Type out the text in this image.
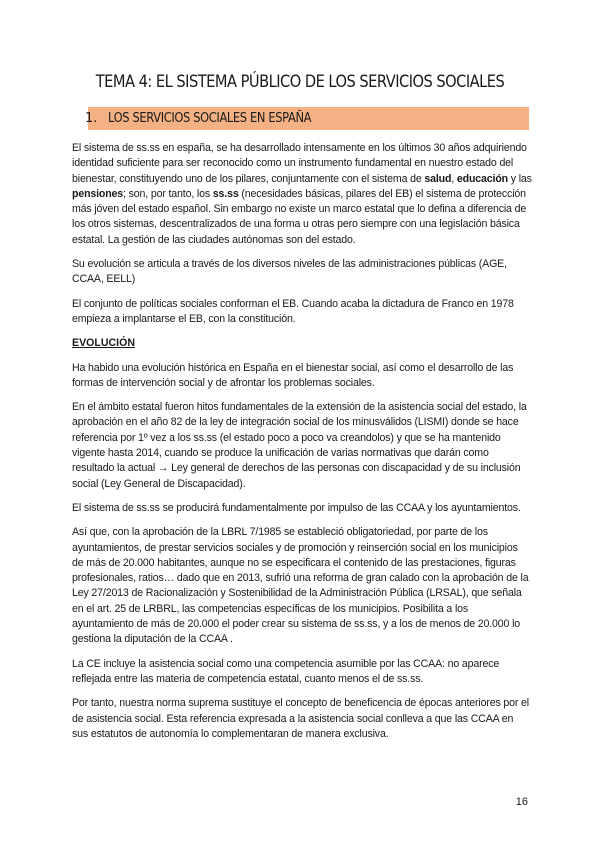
TEMA 4: EL SISTEMA PÚBLICO DE LOS SERVICIOS SOCIALES
1. LOS SERVICIOS SOCIALES EN ESPAÑA

El sistema de ss.ss en españa, se ha desarrollado intensamente en los últimos 30 años adquiriendo identidad suficiente para ser reconocido como un instrumento fundamental en nuestro estado del bienestar, constituyendo uno de los pilares, conjuntamente con el sistema de salud, educación y las pensiones; son, por tanto, los ss.ss (necesidades básicas, pilares del EB) el sistema de protección más jóven del estado español. Sin embargo no existe un marco estatal que lo defina a diferencia de los otros sistemas, descentralizados de una forma u otras pero siempre con una legislación básica estatal. La gestión de las ciudades autónomas son del estado.

Su evolución se articula a través de los diversos niveles de las administraciones públicas (AGE, CCAA, EELL)

El conjunto de políticas sociales conforman el EB. Cuando acaba la dictadura de Franco en 1978 empieza a implantarse el EB, con la constitución.

EVOLUCIÓN

Ha habido una evolución histórica en España en el bienestar social, así como el desarrollo de las formas de intervención social y de afrontar los problemas sociales.

En el ámbito estatal fueron hitos fundamentales de la extensión de la asistencia social del estado, la aprobación en el año 82 de la ley de integración social de los minusválidos (LISMI) donde se hace referencia por 1º vez a los ss.ss (el estado poco a poco va creandolos) y que se ha mantenido vigente hasta 2014, cuando se produce la unificación de varias normativas que darán como resultado la actual → Ley general de derechos de las personas con discapacidad y de su inclusión social (Ley General de Discapacidad).

El sistema de ss.ss se producirá fundamentalmente por impulso de las CCAA y los ayuntamientos.

Así que, con la aprobación de la LBRL 7/1985 se estableció obligatoriedad, por parte de los ayuntamientos, de prestar servicios sociales y de promoción y reinserción social en los municipios de más de 20.000 habitantes, aunque no se especificara el contenido de las prestaciones, figuras profesionales, ratios… dado que en 2013, sufrió una reforma de gran calado con la aprobación de la Ley 27/2013 de Racionalización y Sostenibilidad de la Administración Pública (LRSAL), que señala en el art. 25 de LRBRL, las competencias específicas de los municipios. Posibilita a los ayuntamiento de más de 20.000 el poder crear su sistema de ss.ss, y a los de menos de 20.000 lo gestiona la diputación de la CCAA .

La CE incluye la asistencia social como una competencia asumible por las CCAA: no aparece reflejada entre las materia de competencia estatal, cuanto menos el de ss.ss.

Por tanto, nuestra norma suprema sustituye el concepto de beneficencia de épocas anteriores por el de asistencia social. Esta referencia expresada a la asistencia social conlleva a que las CCAA en sus estatutos de autonomía lo complementaran de manera exclusiva.

16
